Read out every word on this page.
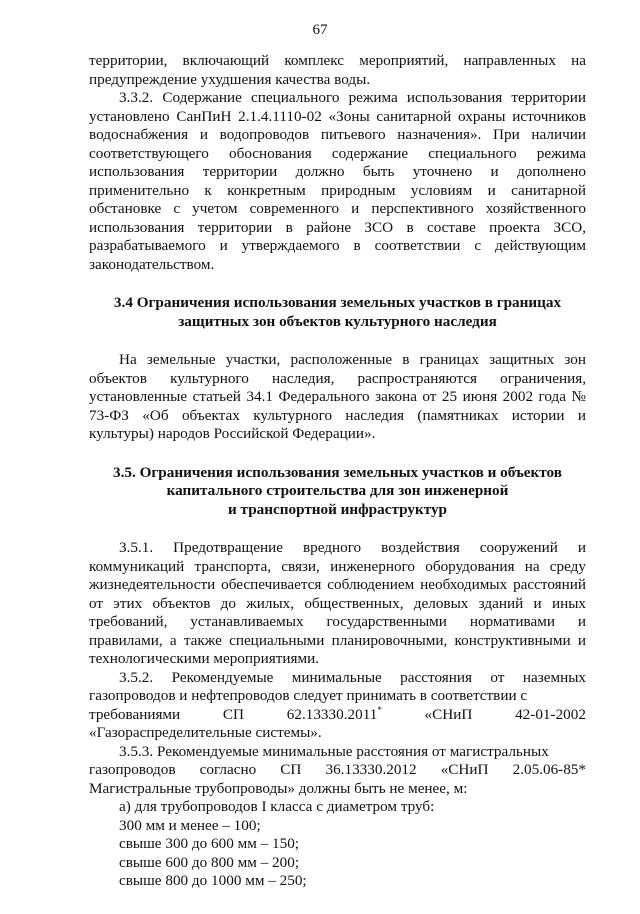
67

территории, включающий комплекс мероприятий, направленных на предупреждение ухудшения качества воды.

3.3.2. Содержание специального режима использования территории установлено СанПиН 2.1.4.1110-02 «Зоны санитарной охраны источников водоснабжения и водопроводов питьевого назначения». При наличии соответствующего обоснования содержание специального режима использования территории должно быть уточнено и дополнено применительно к конкретным природным условиям и санитарной обстановке с учетом современного и перспективного хозяйственного использования территории в районе ЗСО в составе проекта ЗСО, разрабатываемого и утверждаемого в соответствии с действующим законодательством.

3.4 Ограничения использования земельных участков в границах
защитных зон объектов культурного наследия

На земельные участки, расположенные в границах защитных зон объектов культурного наследия, распространяются ограничения, установленные статьей 34.1 Федерального закона от 25 июня 2002 года № 73-ФЗ «Об объектах культурного наследия (памятниках истории и культуры) народов Российской Федерации».

3.5. Ограничения использования земельных участков и объектов
капитального строительства для зон инженерной
и транспортной инфраструктур

3.5.1. Предотвращение вредного воздействия сооружений и коммуникаций транспорта, связи, инженерного оборудования на среду жизнедеятельности обеспечивается соблюдением необходимых расстояний от этих объектов до жилых, общественных, деловых зданий и иных требований, устанавливаемых государственными нормативами и правилами, а также специальными планировочными, конструктивными и технологическими мероприятиями.

3.5.2. Рекомендуемые минимальные расстояния от наземных газопроводов и нефтепроводов следует принимать в соответствии с

требованиями	СП	62.13330.2011*	«СНиП	42-01-2002

«Газораспределительные системы».

3.5.3. Рекомендуемые минимальные расстояния от магистральных

газопроводов согласно СП 36.13330.2012 «СНиП 2.05.06-85*

Магистральные трубопроводы» должны быть не менее, м:

а) для трубопроводов I класса с диаметром труб:

300 мм и менее – 100;

свыше 300 до 600 мм – 150;

свыше 600 до 800 мм – 200;

свыше 800 до 1000 мм – 250;
